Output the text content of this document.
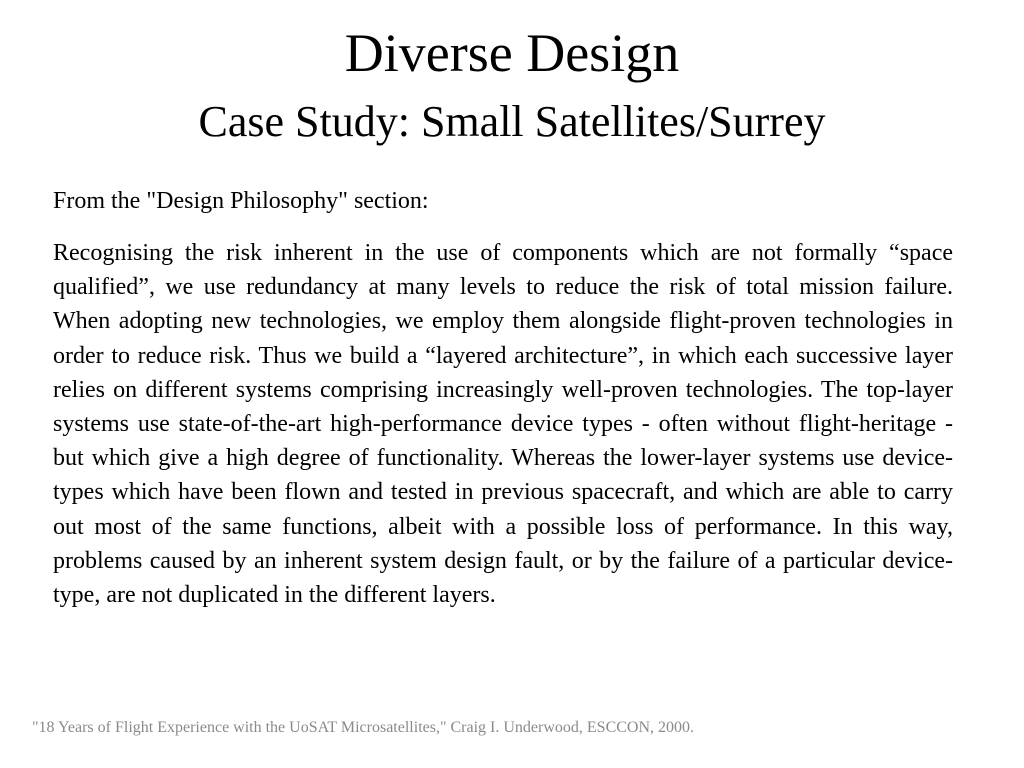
Diverse Design
Case Study: Small Satellites/Surrey

From the "Design Philosophy" section:

Recognising the risk inherent in the use of components which are not formally “space qualified”, we use redundancy at many levels to reduce the risk of total mission failure. When adopting new technologies, we employ them alongside flight-proven technologies in order to reduce risk. Thus we build a “layered architecture”, in which each successive layer relies on different systems comprising increasingly well-proven technologies. The top-layer systems use state-of-the-art high-performance device types - often without flight-heritage - but which give a high degree of functionality. Whereas the lower-layer systems use device-types which have been flown and tested in previous spacecraft, and which are able to carry out most of the same functions, albeit with a possible loss of performance. In this way, problems caused by an inherent system design fault, or by the failure of a particular device-type, are not duplicated in the different layers.

"18 Years of Flight Experience with the UoSAT Microsatellites," Craig I. Underwood, ESCCON, 2000.
